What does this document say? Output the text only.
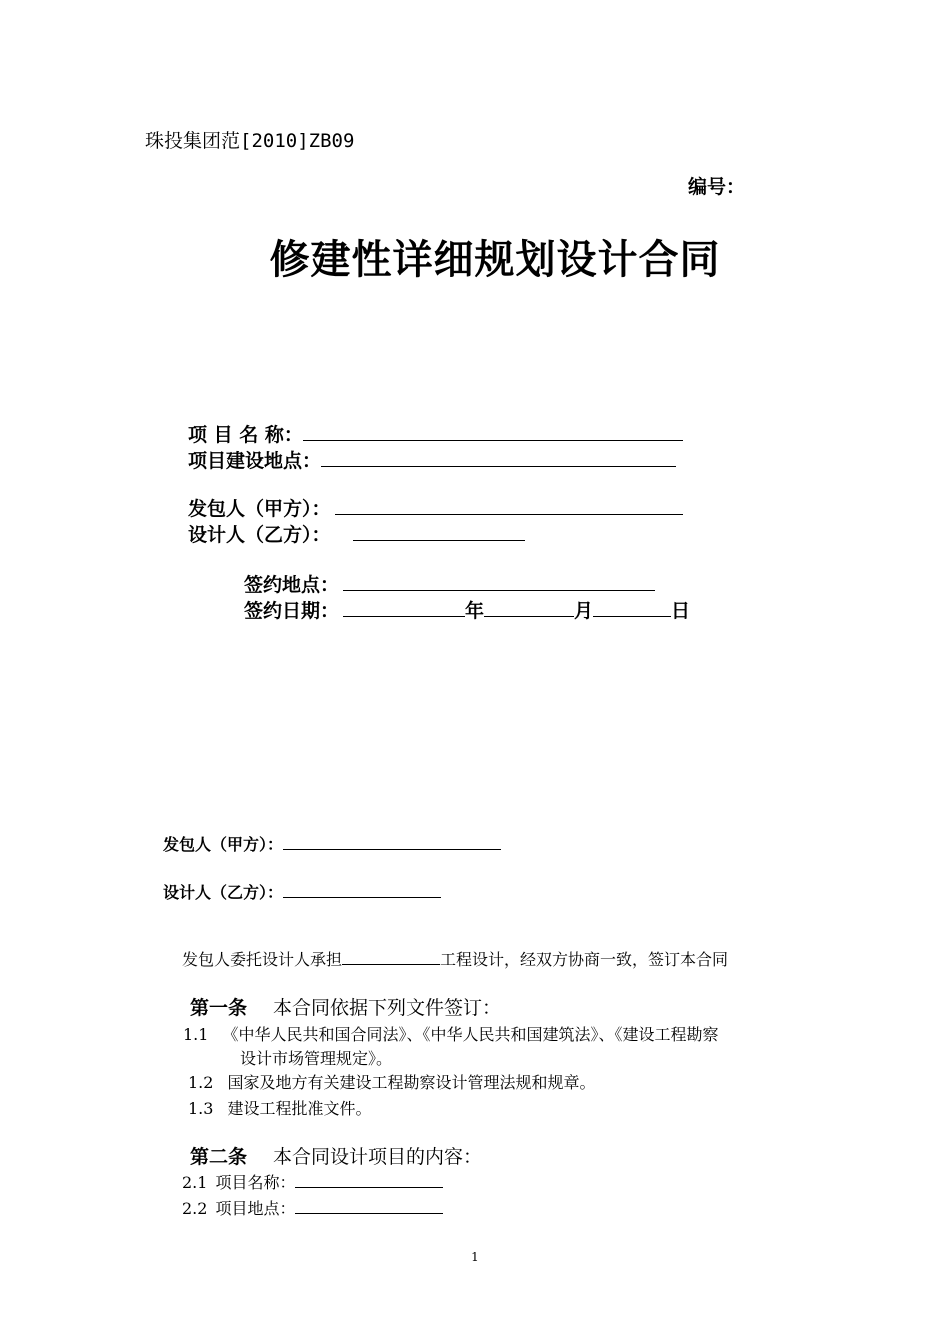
珠投集团范[2010]ZB09
编号：
修建性详细规划设计合同
项 目 名 称：
项目建设地点：
发包人（甲方）：
设计人（乙方）：
签约地点：
签约日期：	年	月	日
发包人（甲方）：
设计人（乙方）：
发包人委托设计人承担	工程设计，经双方协商一致，签订本合同
第一条 本合同依据下列文件签订：
1.1 《中华人民共和国合同法》、《中华人民共和国建筑法》、《建设工程勘察
设计市场管理规定》。
1.2 国家及地方有关建设工程勘察设计管理法规和规章。
1.3 建设工程批准文件。
第二条 本合同设计项目的内容：
2.1 项目名称：
2.2 项目地点：
1
